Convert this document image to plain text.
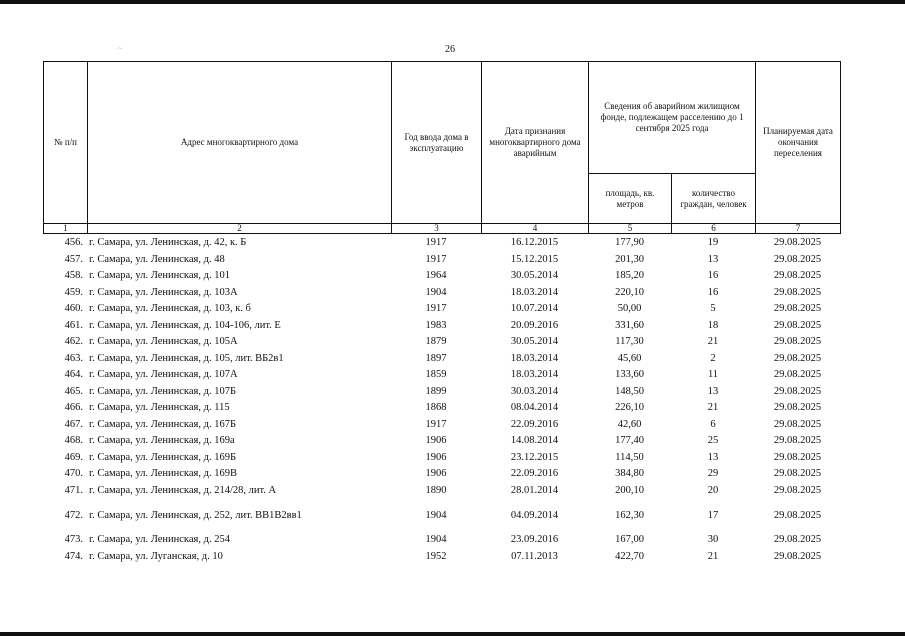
~	26
№ п/п	Адрес многоквартирного дома	Год ввода дома в эксплуатацию	Дата признания многоквартирного дома аварийным	Сведения об аварийном жилищном фонде, подлежащем расселению до 1 сентября 2025 года		Планируемая дата окончания переселения
				площадь, кв. метров	количество граждан, человек	
1	2	3	4	5	6	7
456.	г. Самара, ул. Ленинская, д. 42, к. Б	1917	16.12.2015	177,90	19	29.08.2025
457.	г. Самара, ул. Ленинская, д. 48	1917	15.12.2015	201,30	13	29.08.2025
458.	г. Самара, ул. Ленинская, д. 101	1964	30.05.2014	185,20	16	29.08.2025
459.	г. Самара, ул. Ленинская, д. 103А	1904	18.03.2014	220,10	16	29.08.2025
460.	г. Самара, ул. Ленинская, д. 103, к. б	1917	10.07.2014	50,00	5	29.08.2025
461.	г. Самара, ул. Ленинская, д. 104-106, лит. Е	1983	20.09.2016	331,60	18	29.08.2025
462.	г. Самара, ул. Ленинская, д. 105А	1879	30.05.2014	117,30	21	29.08.2025
463.	г. Самара, ул. Ленинская, д. 105, лит. ВБ2в1	1897	18.03.2014	45,60	2	29.08.2025
464.	г. Самара, ул. Ленинская, д. 107А	1859	18.03.2014	133,60	11	29.08.2025
465.	г. Самара, ул. Ленинская, д. 107Б	1899	30.03.2014	148,50	13	29.08.2025
466.	г. Самара, ул. Ленинская, д. 115	1868	08.04.2014	226,10	21	29.08.2025
467.	г. Самара, ул. Ленинская, д. 167Б	1917	22.09.2016	42,60	6	29.08.2025
468.	г. Самара, ул. Ленинская, д. 169а	1906	14.08.2014	177,40	25	29.08.2025
469.	г. Самара, ул. Ленинская, д. 169Б	1906	23.12.2015	114,50	13	29.08.2025
470.	г. Самара, ул. Ленинская, д. 169В	1906	22.09.2016	384,80	29	29.08.2025
471.	г. Самара, ул. Ленинская, д. 214/28, лит. А	1890	28.01.2014	200,10	20	29.08.2025
472.	г. Самара, ул. Ленинская, д. 252, лит. ВВ1В2вв1	1904	04.09.2014	162,30	17	29.08.2025
473.	г. Самара, ул. Ленинская, д. 254	1904	23.09.2016	167,00	30	29.08.2025
474.	г. Самара, ул. Луганская, д. 10	1952	07.11.2013	422,70	21	29.08.2025
